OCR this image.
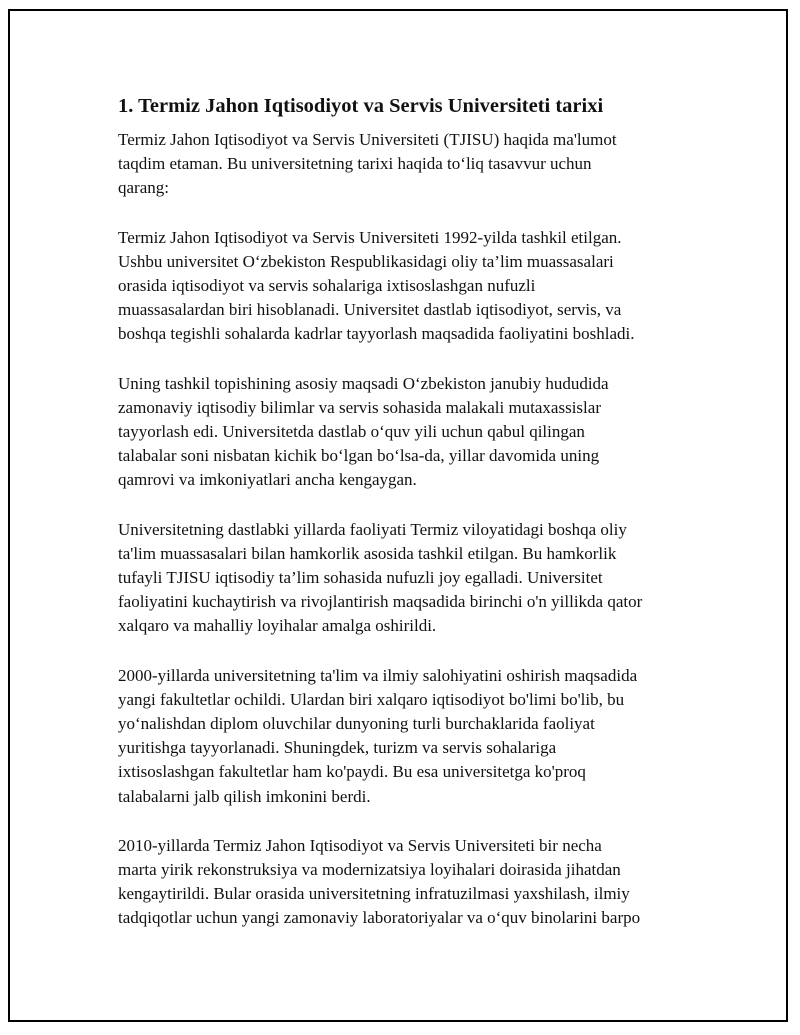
1. Termiz Jahon Iqtisodiyot va Servis Universiteti tarixi

Termiz Jahon Iqtisodiyot va Servis Universiteti (TJISU) haqida ma'lumot
taqdim etaman. Bu universitetning tarixi haqida to‘liq tasavvur uchun
qarang:

Termiz Jahon Iqtisodiyot va Servis Universiteti 1992-yilda tashkil etilgan.
Ushbu universitet O‘zbekiston Respublikasidagi oliy ta’lim muassasalari
orasida iqtisodiyot va servis sohalariga ixtisoslashgan nufuzli
muassasalardan biri hisoblanadi. Universitet dastlab iqtisodiyot, servis, va
boshqa tegishli sohalarda kadrlar tayyorlash maqsadida faoliyatini boshladi.

Uning tashkil topishining asosiy maqsadi O‘zbekiston janubiy hududida
zamonaviy iqtisodiy bilimlar va servis sohasida malakali mutaxassislar
tayyorlash edi. Universitetda dastlab o‘quv yili uchun qabul qilingan
talabalar soni nisbatan kichik bo‘lgan bo‘lsa-da, yillar davomida uning
qamrovi va imkoniyatlari ancha kengaygan.

Universitetning dastlabki yillarda faoliyati Termiz viloyatidagi boshqa oliy
ta'lim muassasalari bilan hamkorlik asosida tashkil etilgan. Bu hamkorlik
tufayli TJISU iqtisodiy ta’lim sohasida nufuzli joy egalladi. Universitet
faoliyatini kuchaytirish va rivojlantirish maqsadida birinchi o'n yillikda qator
xalqaro va mahalliy loyihalar amalga oshirildi.

2000-yillarda universitetning ta'lim va ilmiy salohiyatini oshirish maqsadida
yangi fakultetlar ochildi. Ulardan biri xalqaro iqtisodiyot bo'limi bo'lib, bu
yo‘nalishdan diplom oluvchilar dunyoning turli burchaklarida faoliyat
yuritishga tayyorlanadi. Shuningdek, turizm va servis sohalariga
ixtisoslashgan fakultetlar ham ko'paydi. Bu esa universitetga ko'proq
talabalarni jalb qilish imkonini berdi.

2010-yillarda Termiz Jahon Iqtisodiyot va Servis Universiteti bir necha
marta yirik rekonstruksiya va modernizatsiya loyihalari doirasida jihatdan
kengaytirildi. Bular orasida universitetning infratuzilmasi yaxshilash, ilmiy
tadqiqotlar uchun yangi zamonaviy laboratoriyalar va o‘quv binolarini barpo
